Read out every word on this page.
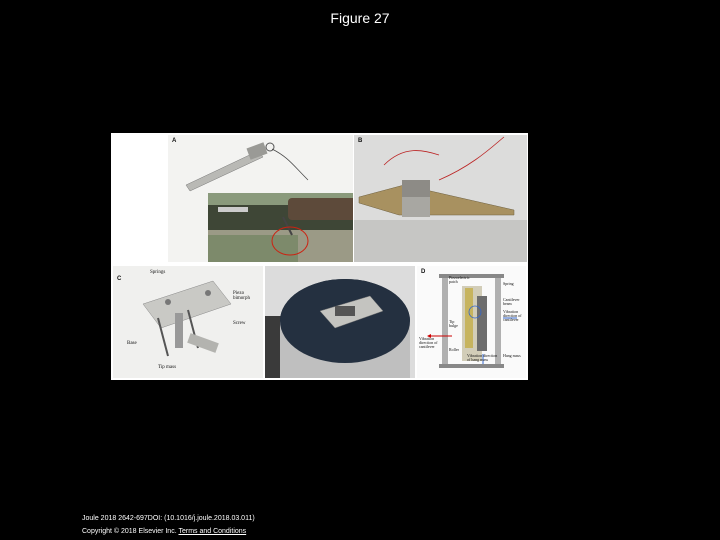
Figure 27
A	B
C
Springs
Piezo
bimorph
Screw
Base
Tip mass
D
Piezoelectric
patch	Spring
Cantilever
beam
Vibration
direction of
cantilever
Tip
bulge
Vibration
direction of
cantilever
Roller
Vibration direction
of hang mass
Hang mass
Joule 2018 2642-697DOI: (10.1016/j.joule.2018.03.011)
Copyright © 2018 Elsevier Inc. Terms and Conditions
